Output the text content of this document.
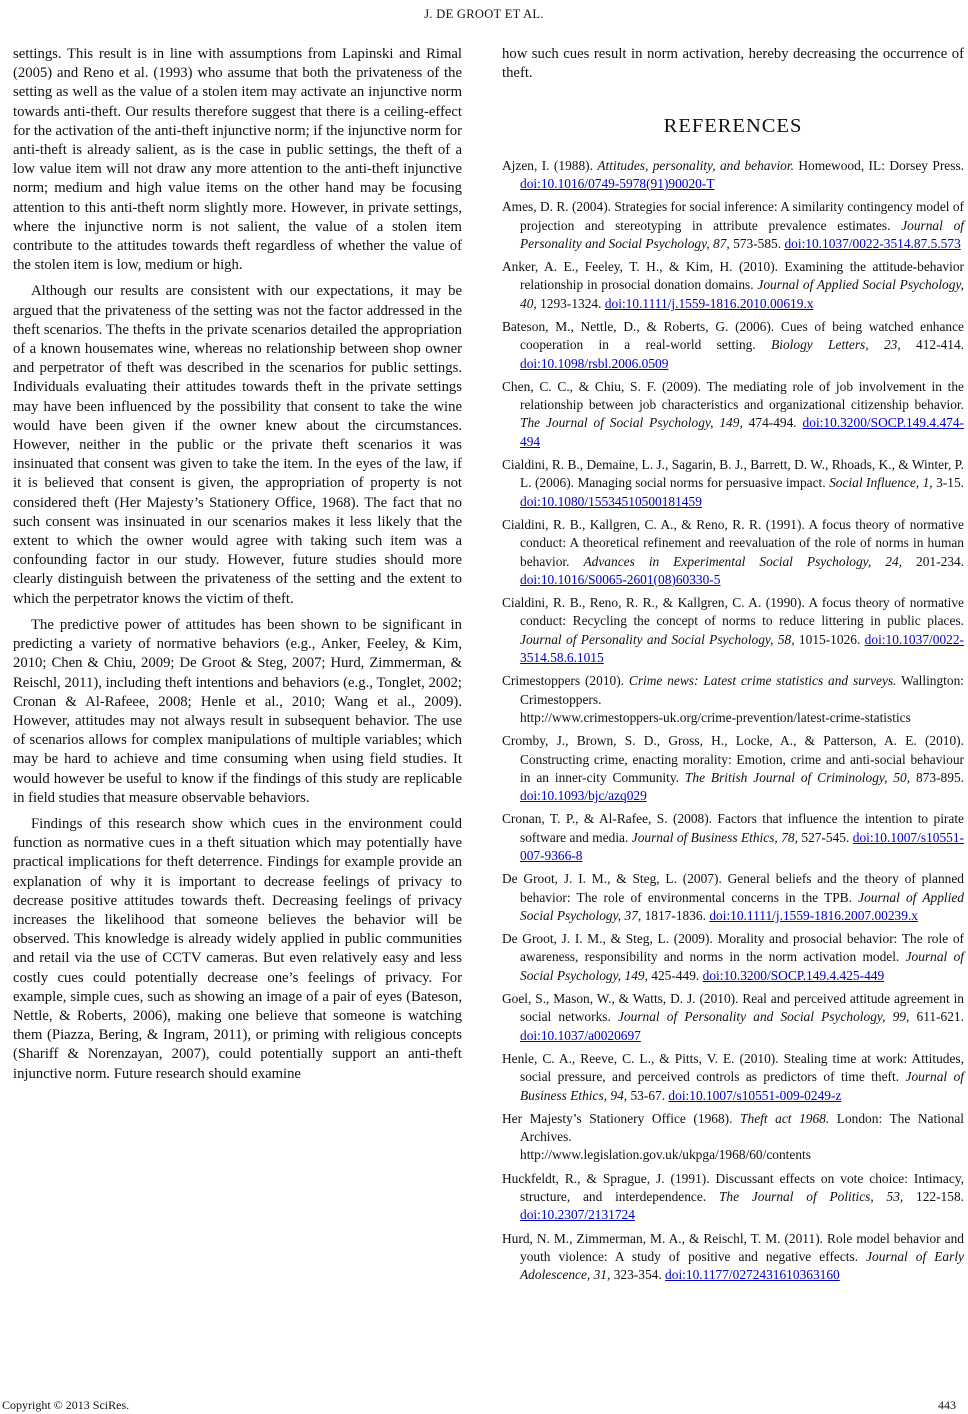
J. DE GROOT ET AL.

settings. This result is in line with assumptions from Lapinski and Rimal (2005) and Reno et al. (1993) who assume that both the privateness of the setting as well as the value of a stolen item may activate an injunctive norm towards anti-theft. Our results therefore suggest that there is a ceiling-effect for the activation of the anti-theft injunctive norm; if the injunctive norm for anti-theft is already salient, as is the case in public settings, the theft of a low value item will not draw any more attention to the anti-theft injunctive norm; medium and high value items on the other hand may be focusing attention to this anti-theft norm slightly more. However, in private settings, where the injunctive norm is not salient, the value of a stolen item contribute to the attitudes towards theft regardless of whether the value of the stolen item is low, medium or high.

Although our results are consistent with our expectations, it may be argued that the privateness of the setting was not the factor addressed in the theft scenarios. The thefts in the private scenarios detailed the appropriation of a known housemates wine, whereas no relationship between shop owner and perpetrator of theft was described in the scenarios for public settings. Individuals evaluating their attitudes towards theft in the private settings may have been influenced by the possibility that consent to take the wine would have been given if the owner knew about the circumstances. However, neither in the public or the private theft scenarios it was insinuated that consent was given to take the item. In the eyes of the law, if it is believed that consent is given, the appropriation of property is not considered theft (Her Majesty’s Stationery Office, 1968). The fact that no such consent was insinuated in our scenarios makes it less likely that the extent to which the owner would agree with taking such item was a confounding factor in our study. However, future studies should more clearly distinguish between the privateness of the setting and the extent to which the perpetrator knows the victim of theft.

The predictive power of attitudes has been shown to be significant in predicting a variety of normative behaviors (e.g., Anker, Feeley, & Kim, 2010; Chen & Chiu, 2009; De Groot & Steg, 2007; Hurd, Zimmerman, & Reischl, 2011), including theft intentions and behaviors (e.g., Tonglet, 2002; Cronan & Al-Rafeee, 2008; Henle et al., 2010; Wang et al., 2009). However, attitudes may not always result in subsequent behavior. The use of scenarios allows for complex manipulations of multiple variables; which may be hard to achieve and time consuming when using field studies. It would however be useful to know if the findings of this study are replicable in field studies that measure observable behaviors.

Findings of this research show which cues in the environment could function as normative cues in a theft situation which may potentially have practical implications for theft deterrence. Findings for example provide an explanation of why it is important to decrease feelings of privacy to decrease positive attitudes towards theft. Decreasing feelings of privacy increases the likelihood that someone believes the behavior will be observed. This knowledge is already widely applied in public communities and retail via the use of CCTV cameras. But even relatively easy and less costly cues could potentially decrease one’s feelings of privacy. For example, simple cues, such as showing an image of a pair of eyes (Bateson, Nettle, & Roberts, 2006), making one believe that someone is watching them (Piazza, Bering, & Ingram, 2011), or priming with religious concepts (Shariff & Norenzayan, 2007), could potentially support an anti-theft injunctive norm. Future research should examine

how such cues result in norm activation, hereby decreasing the occurrence of theft.

REFERENCES

Ajzen, I. (1988). Attitudes, personality, and behavior. Homewood, IL: Dorsey Press. doi:10.1016/0749-5978(91)90020-T

Ames, D. R. (2004). Strategies for social inference: A similarity contingency model of projection and stereotyping in attribute prevalence estimates. Journal of Personality and Social Psychology, 87, 573-585. doi:10.1037/0022-3514.87.5.573

Anker, A. E., Feeley, T. H., & Kim, H. (2010). Examining the attitude-behavior relationship in prosocial donation domains. Journal of Applied Social Psychology, 40, 1293-1324. doi:10.1111/j.1559-1816.2010.00619.x

Bateson, M., Nettle, D., & Roberts, G. (2006). Cues of being watched enhance cooperation in a real-world setting. Biology Letters, 23, 412-414. doi:10.1098/rsbl.2006.0509

Chen, C. C., & Chiu, S. F. (2009). The mediating role of job involvement in the relationship between job characteristics and organizational citizenship behavior. The Journal of Social Psychology, 149, 474-494. doi:10.3200/SOCP.149.4.474-494

Cialdini, R. B., Demaine, L. J., Sagarin, B. J., Barrett, D. W., Rhoads, K., & Winter, P. L. (2006). Managing social norms for persuasive impact. Social Influence, 1, 3-15. doi:10.1080/15534510500181459

Cialdini, R. B., Kallgren, C. A., & Reno, R. R. (1991). A focus theory of normative conduct: A theoretical refinement and reevaluation of the role of norms in human behavior. Advances in Experimental Social Psychology, 24, 201-234. doi:10.1016/S0065-2601(08)60330-5

Cialdini, R. B., Reno, R. R., & Kallgren, C. A. (1990). A focus theory of normative conduct: Recycling the concept of norms to reduce littering in public places. Journal of Personality and Social Psychology, 58, 1015-1026. doi:10.1037/0022-3514.58.6.1015

Crimestoppers (2010). Crime news: Latest crime statistics and surveys. Wallington: Crimestoppers.
http://www.crimestoppers-uk.org/crime-prevention/latest-crime-statistics

Cromby, J., Brown, S. D., Gross, H., Locke, A., & Patterson, A. E. (2010). Constructing crime, enacting morality: Emotion, crime and anti-social behaviour in an inner-city Community. The British Journal of Criminology, 50, 873-895. doi:10.1093/bjc/azq029

Cronan, T. P., & Al-Rafee, S. (2008). Factors that influence the intention to pirate software and media. Journal of Business Ethics, 78, 527-545. doi:10.1007/s10551-007-9366-8

De Groot, J. I. M., & Steg, L. (2007). General beliefs and the theory of planned behavior: The role of environmental concerns in the TPB. Journal of Applied Social Psychology, 37, 1817-1836. doi:10.1111/j.1559-1816.2007.00239.x

De Groot, J. I. M., & Steg, L. (2009). Morality and prosocial behavior: The role of awareness, responsibility and norms in the norm activation model. Journal of Social Psychology, 149, 425-449. doi:10.3200/SOCP.149.4.425-449

Goel, S., Mason, W., & Watts, D. J. (2010). Real and perceived attitude agreement in social networks. Journal of Personality and Social Psychology, 99, 611-621. doi:10.1037/a0020697

Henle, C. A., Reeve, C. L., & Pitts, V. E. (2010). Stealing time at work: Attitudes, social pressure, and perceived controls as predictors of time theft. Journal of Business Ethics, 94, 53-67. doi:10.1007/s10551-009-0249-z

Her Majesty’s Stationery Office (1968). Theft act 1968. London: The National Archives.
http://www.legislation.gov.uk/ukpga/1968/60/contents

Huckfeldt, R., & Sprague, J. (1991). Discussant effects on vote choice: Intimacy, structure, and interdependence. The Journal of Politics, 53, 122-158. doi:10.2307/2131724

Hurd, N. M., Zimmerman, M. A., & Reischl, T. M. (2011). Role model behavior and youth violence: A study of positive and negative effects. Journal of Early Adolescence, 31, 323-354. doi:10.1177/0272431610363160

Copyright © 2013 SciRes.	443
